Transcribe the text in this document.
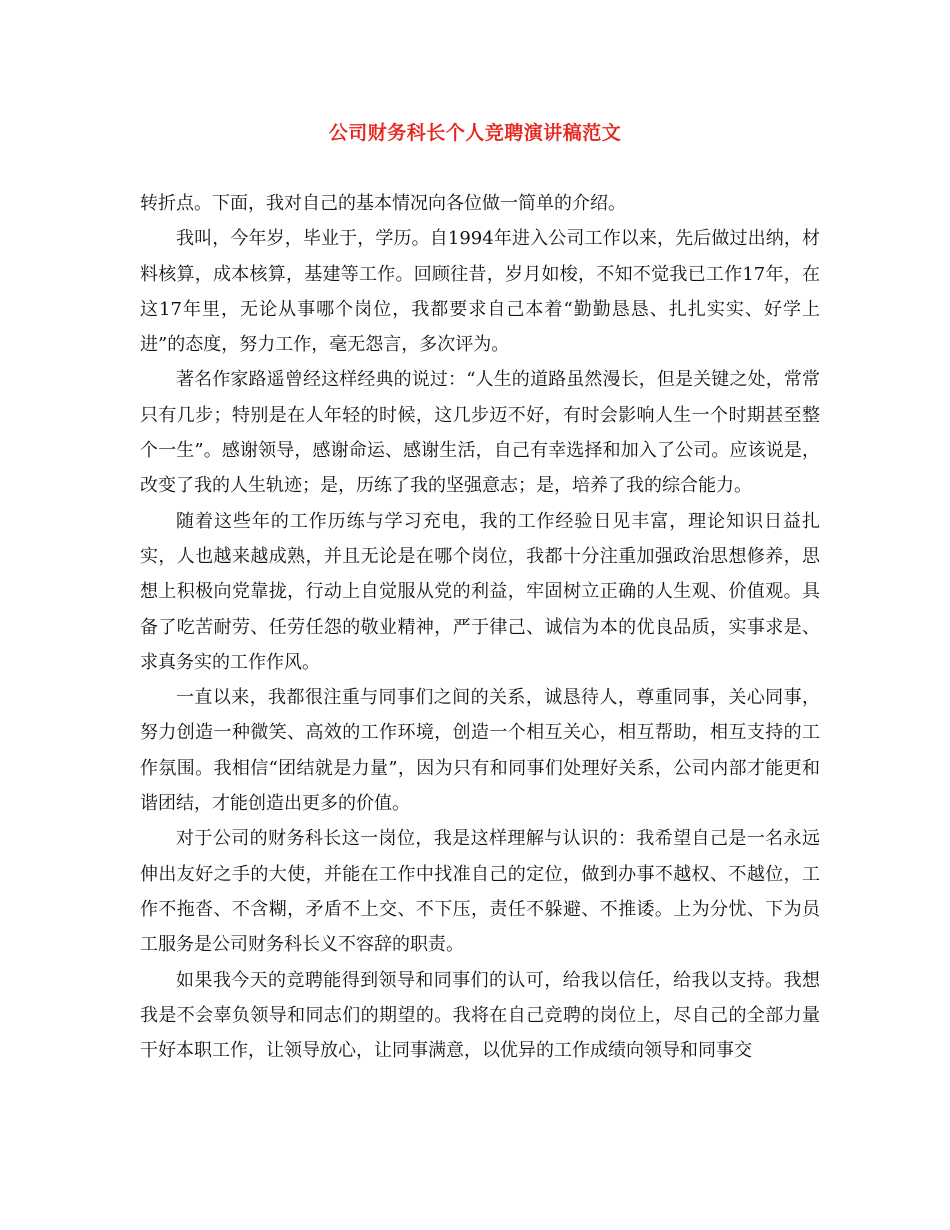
公司财务科长个人竞聘演讲稿范文

转折点。下面，我对自己的基本情况向各位做一简单的介绍。

我叫，今年岁，毕业于，学历。自1994年进入公司工作以来，先后做过出纳，材料核算，成本核算，基建等工作。回顾往昔，岁月如梭，不知不觉我已工作17年，在这17年里，无论从事哪个岗位，我都要求自己本着“勤勤恳恳、扎扎实实、好学上进”的态度，努力工作，毫无怨言，多次评为。

著名作家路遥曾经这样经典的说过：“人生的道路虽然漫长，但是关键之处，常常只有几步；特别是在人年轻的时候，这几步迈不好，有时会影响人生一个时期甚至整个一生”。感谢领导，感谢命运、感谢生活，自己有幸选择和加入了公司。应该说是，改变了我的人生轨迹；是，历练了我的坚强意志；是，培养了我的综合能力。

随着这些年的工作历练与学习充电，我的工作经验日见丰富，理论知识日益扎实，人也越来越成熟，并且无论是在哪个岗位，我都十分注重加强政治思想修养，思想上积极向党靠拢，行动上自觉服从党的利益，牢固树立正确的人生观、价值观。具备了吃苦耐劳、任劳任怨的敬业精神，严于律己、诚信为本的优良品质，实事求是、求真务实的工作作风。

一直以来，我都很注重与同事们之间的关系，诚恳待人，尊重同事，关心同事，努力创造一种微笑、高效的工作环境，创造一个相互关心，相互帮助，相互支持的工作氛围。我相信“团结就是力量”，因为只有和同事们处理好关系，公司内部才能更和谐团结，才能创造出更多的价值。

对于公司的财务科长这一岗位，我是这样理解与认识的：我希望自己是一名永远伸出友好之手的大使，并能在工作中找准自己的定位，做到办事不越权、不越位，工作不拖沓、不含糊，矛盾不上交、不下压，责任不躲避、不推诿。上为分忧、下为员工服务是公司财务科长义不容辞的职责。

如果我今天的竞聘能得到领导和同事们的认可，给我以信任，给我以支持。我想我是不会辜负领导和同志们的期望的。我将在自己竞聘的岗位上，尽自己的全部力量干好本职工作，让领导放心，让同事满意，以优异的工作成绩向领导和同事交
